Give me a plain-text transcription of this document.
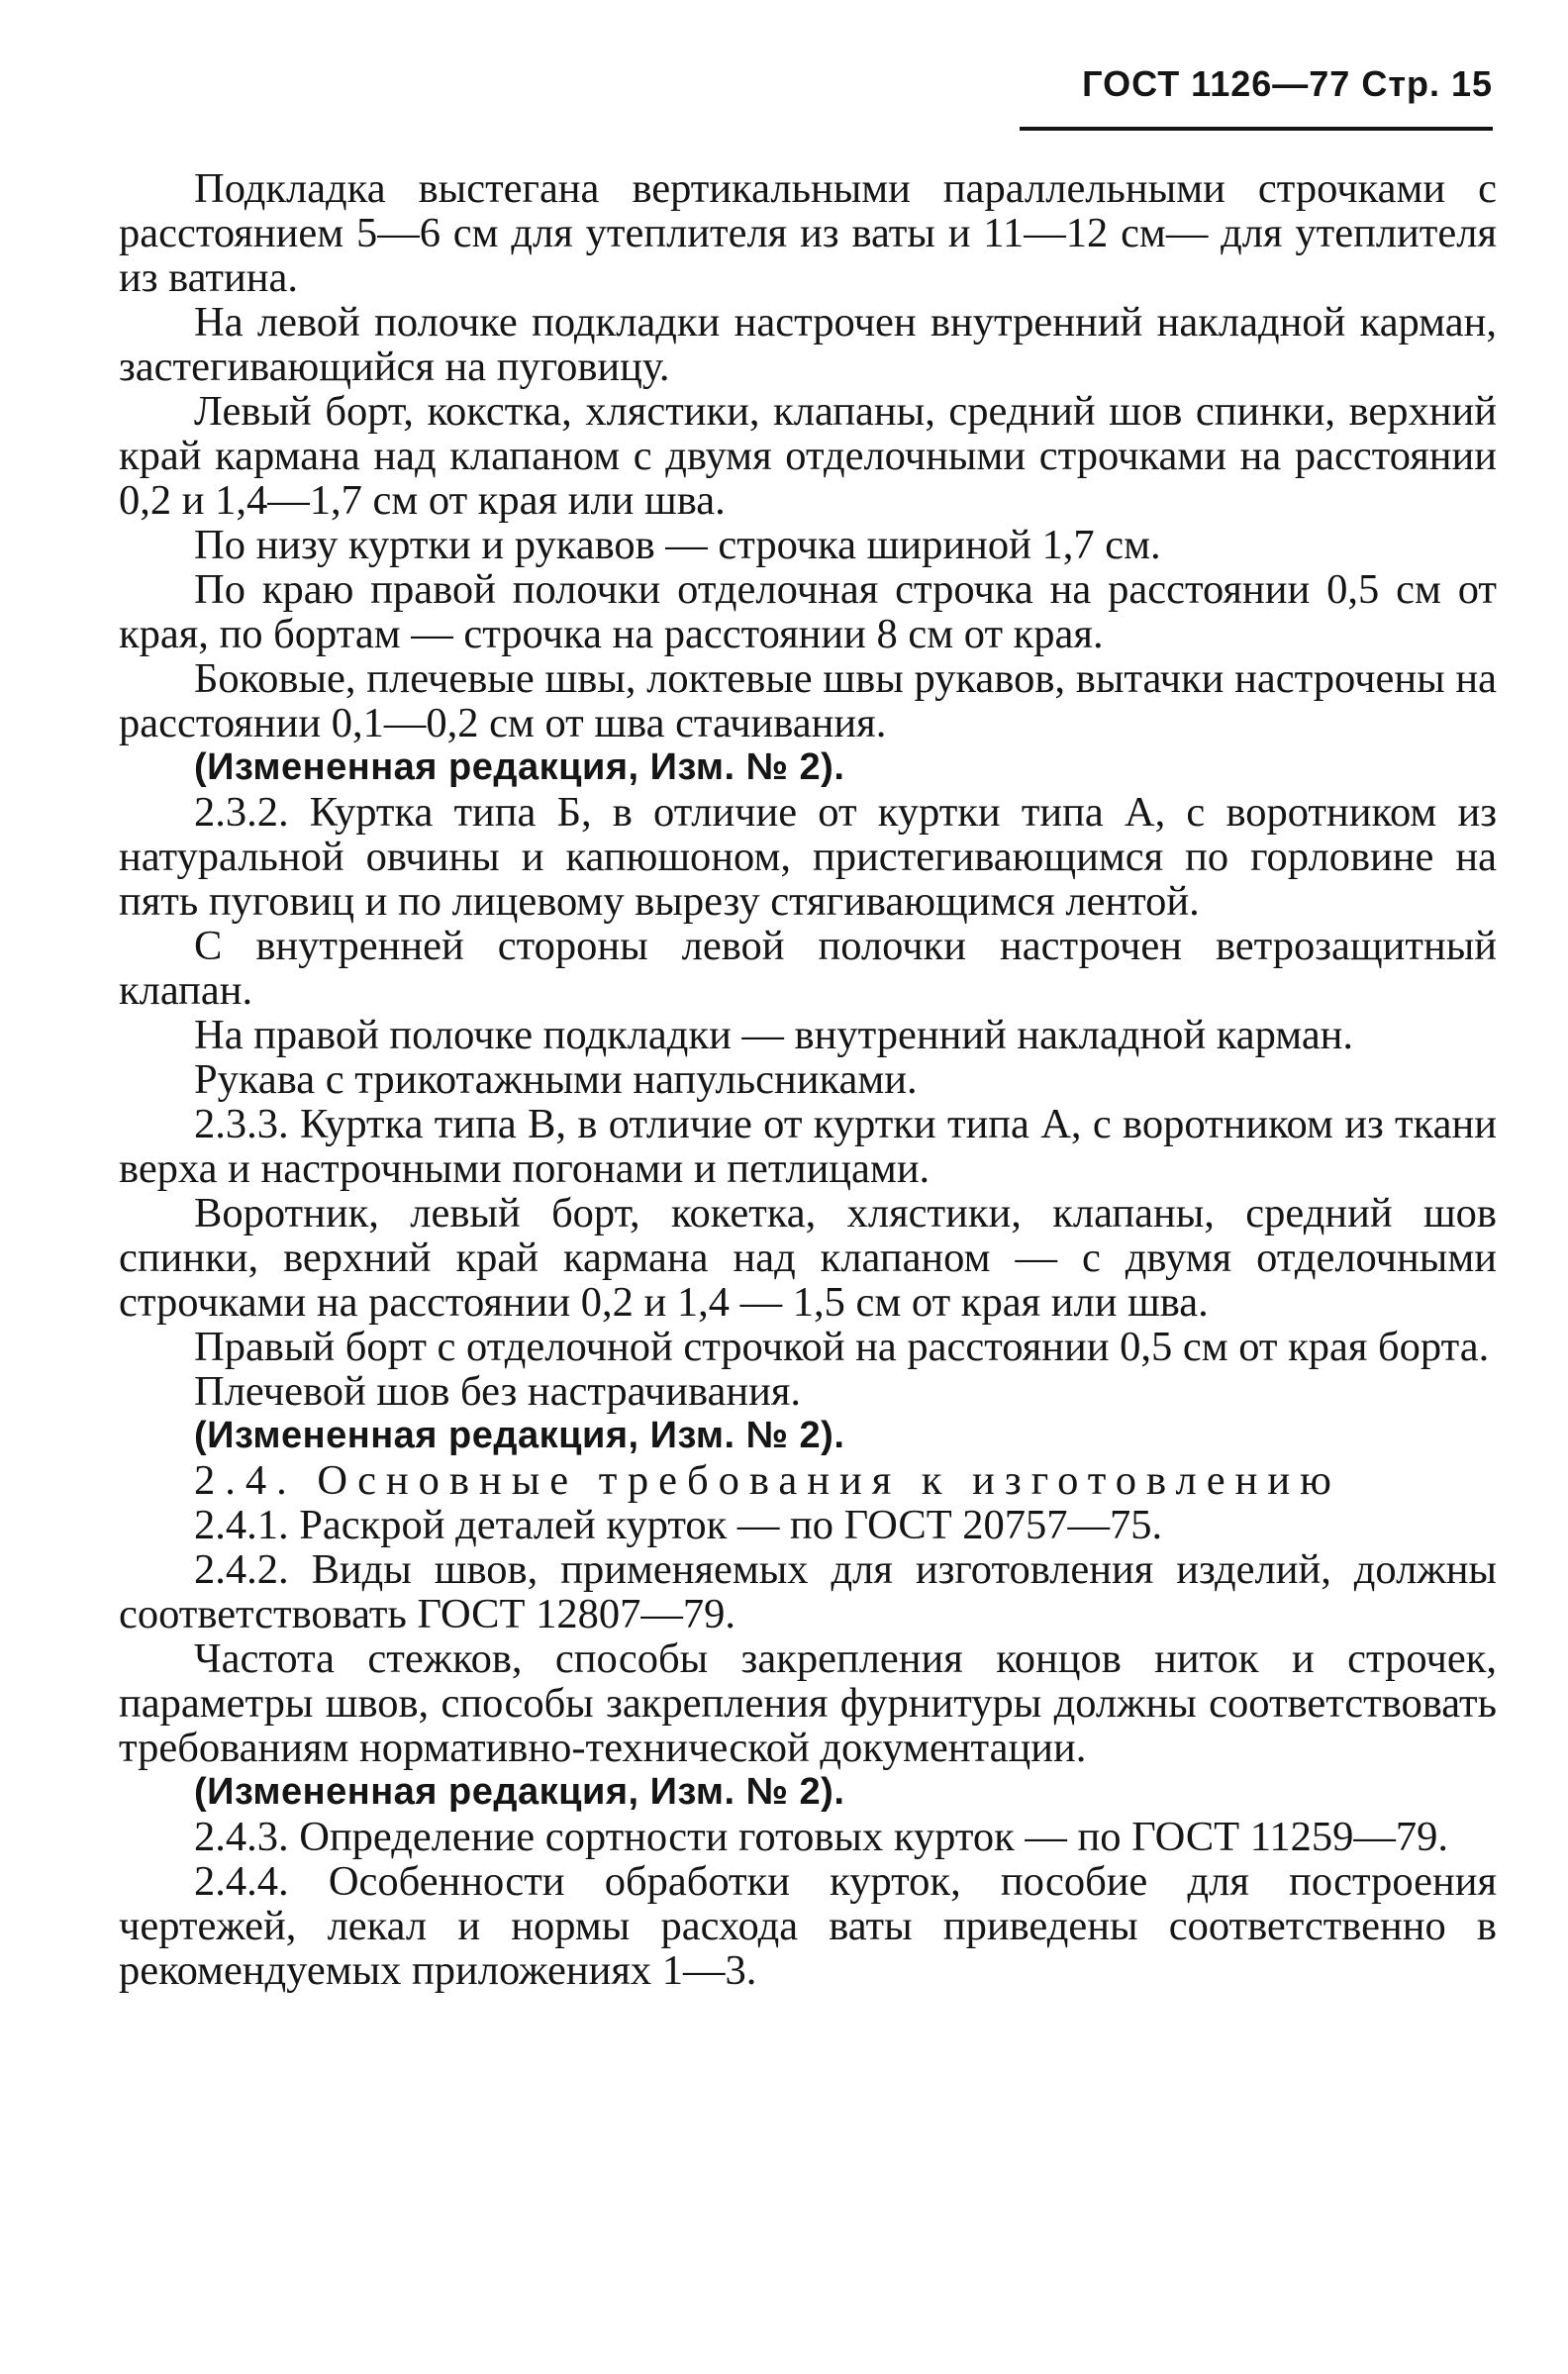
ГОСТ 1126—77 Стр. 15

Подкладка выстегана вертикальными параллельными строчками с расстоянием 5—6 см для утеплителя из ваты и 11—12 см— для утеплителя из ватина.

На левой полочке подкладки настрочен внутренний накладной карман, застегивающийся на пуговицу.

Левый борт, кокстка, хлястики, клапаны, средний шов спинки, верхний край кармана над клапаном с двумя отделочными строчками на расстоянии 0,2 и 1,4—1,7 см от края или шва.

По низу куртки и рукавов — строчка шириной 1,7 см.

По краю правой полочки отделочная строчка на расстоянии 0,5 см от края, по бортам — строчка на расстоянии 8 см от края.

Боковые, плечевые швы, локтевые швы рукавов, вытачки настрочены на расстоянии 0,1—0,2 см от шва стачивания.

(Измененная редакция, Изм. № 2).

2.3.2. Куртка типа Б, в отличие от куртки типа А, с воротником из натуральной овчины и капюшоном, пристегивающимся по горловине на пять пуговиц и по лицевому вырезу стягивающимся лентой.

С внутренней стороны левой полочки настрочен ветрозащитный клапан.

На правой полочке подкладки — внутренний накладной карман.

Рукава с трикотажными напульсниками.

2.3.3. Куртка типа В, в отличие от куртки типа А, с воротником из ткани верха и настрочными погонами и петлицами.

Воротник, левый борт, кокетка, хлястики, клапаны, средний шов спинки, верхний край кармана над клапаном — с двумя отделочными строчками на расстоянии 0,2 и 1,4 — 1,5 см от края или шва.

Правый борт с отделочной строчкой на расстоянии 0,5 см от края борта.

Плечевой шов без настрачивания.

(Измененная редакция, Изм. № 2).

2.4. Основные требования к изготовлению

2.4.1. Раскрой деталей курток — по ГОСТ 20757—75.

2.4.2. Виды швов, применяемых для изготовления изделий, должны соответствовать ГОСТ 12807—79.

Частота стежков, способы закрепления концов ниток и строчек, параметры швов, способы закрепления фурнитуры должны соответствовать требованиям нормативно-технической документации.

(Измененная редакция, Изм. № 2).

2.4.3. Определение сортности готовых курток — по ГОСТ 11259—79.

2.4.4. Особенности обработки курток, пособие для построения чертежей, лекал и нормы расхода ваты приведены соответственно в рекомендуемых приложениях 1—3.
